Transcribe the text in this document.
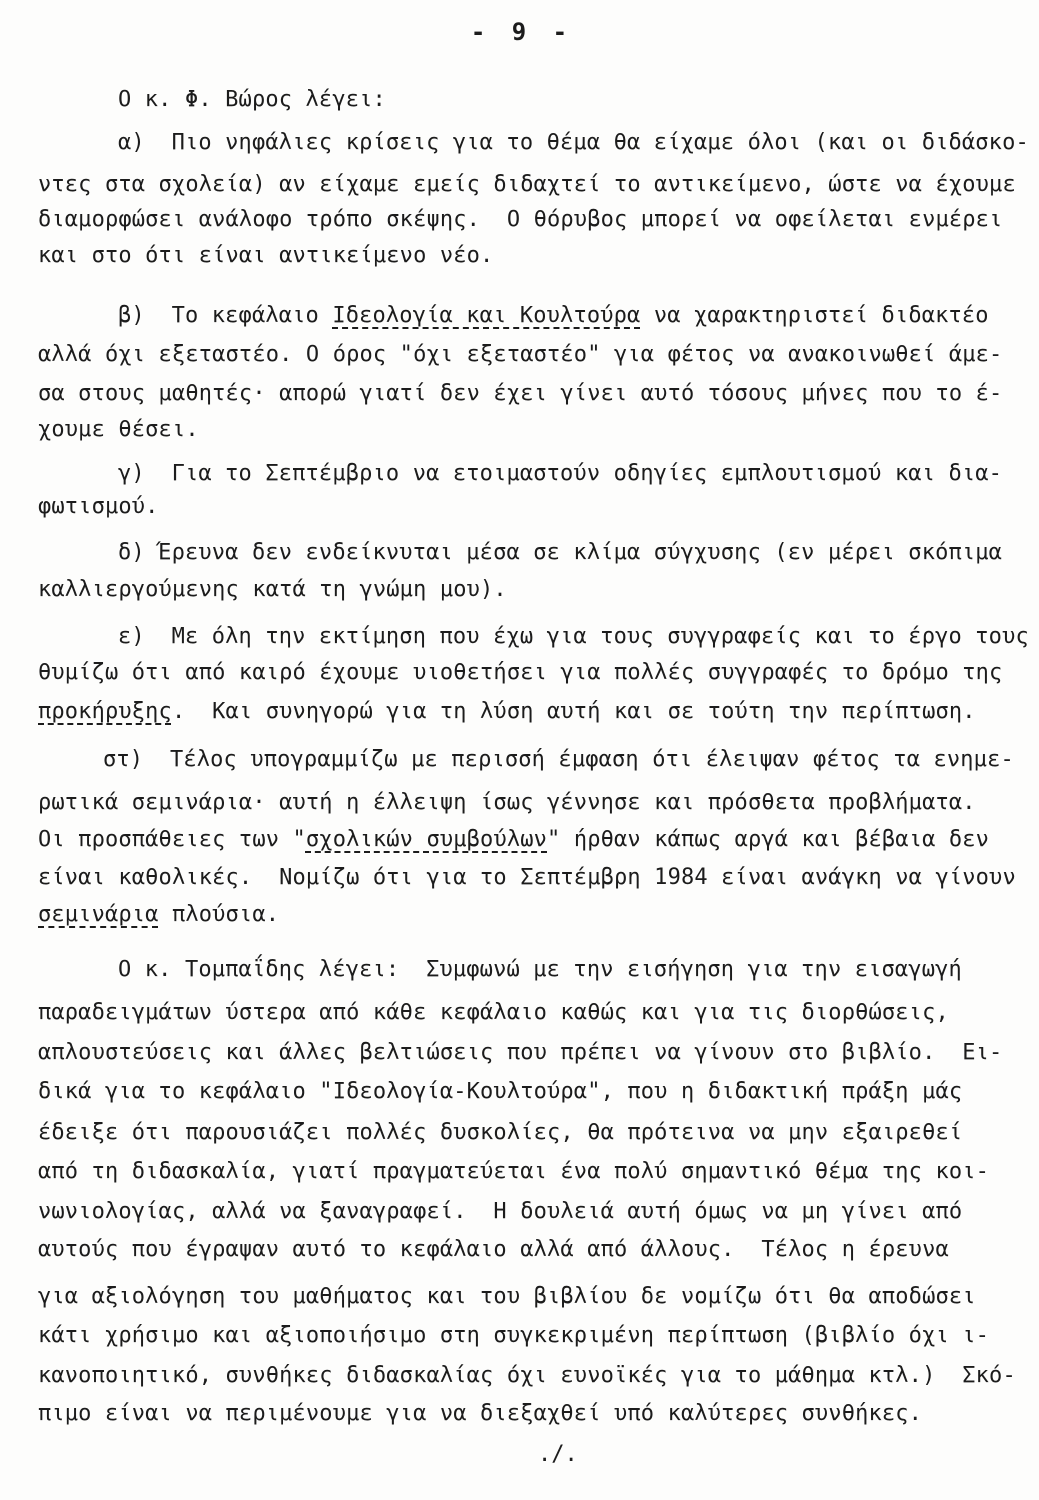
- 9 -
Ο κ. Φ. Βώρος λέγει:
α)  Πιο νηφάλιες κρίσεις για το θέμα θα είχαμε όλοι (και οι διδάσκο-
ντες στα σχολεία) αν είχαμε εμείς διδαχτεί το αντικείμενο, ώστε να έχουμε
διαμορφώσει ανάλοφο τρόπο σκέψης.  Ο θόρυβος μπορεί να οφείλεται ενμέρει
και στο ότι είναι αντικείμενο νέο.
β)  Το κεφάλαιο Ιδεολογία και Κουλτούρα να χαρακτηριστεί διδακτέο
αλλά όχι εξεταστέο. Ο όρος "όχι εξεταστέο" για φέτος να ανακοινωθεί άμε-
σα στους μαθητές· απορώ γιατί δεν έχει γίνει αυτό τόσους μήνες που το έ-
χουμε θέσει.
γ)  Για το Σεπτέμβριο να ετοιμαστούν οδηγίες εμπλουτισμού και δια-
φωτισμού.
δ) Έρευνα δεν ενδείκνυται μέσα σε κλίμα σύγχυσης (εν μέρει σκόπιμα
καλλιεργούμενης κατά τη γνώμη μου).
ε)  Με όλη την εκτίμηση που έχω για τους συγγραφείς και το έργο τους
θυμίζω ότι από καιρό έχουμε υιοθετήσει για πολλές συγγραφές το δρόμο της
προκήρυξης.  Και συνηγορώ για τη λύση αυτή και σε τούτη την περίπτωση.
στ)  Τέλος υπογραμμίζω με περισσή έμφαση ότι έλειψαν φέτος τα ενημε-
ρωτικά σεμινάρια· αυτή η έλλειψη ίσως γέννησε και πρόσθετα προβλήματα.
Οι προσπάθειες των "σχολικών συμβούλων" ήρθαν κάπως αργά και βέβαια δεν
είναι καθολικές.  Νομίζω ότι για το Σεπτέμβρη 1984 είναι ανάγκη να γίνουν
σεμινάρια πλούσια.
Ο κ. Τομπαΐδης λέγει:  Συμφωνώ με την εισήγηση για την εισαγωγή
παραδειγμάτων ύστερα από κάθε κεφάλαιο καθώς και για τις διορθώσεις,
απλουστεύσεις και άλλες βελτιώσεις που πρέπει να γίνουν στο βιβλίο.  Ει-
δικά για το κεφάλαιο "Ιδεολογία-Κουλτούρα", που η διδακτική πράξη μάς
έδειξε ότι παρουσιάζει πολλές δυσκολίες, θα πρότεινα να μην εξαιρεθεί
από τη διδασκαλία, γιατί πραγματεύεται ένα πολύ σημαντικό θέμα της κοι-
νωνιολογίας, αλλά να ξαναγραφεί.  Η δουλειά αυτή όμως να μη γίνει από
αυτούς που έγραψαν αυτό το κεφάλαιο αλλά από άλλους.  Τέλος η έρευνα
για αξιολόγηση του μαθήματος και του βιβλίου δε νομίζω ότι θα αποδώσει
κάτι χρήσιμο και αξιοποιήσιμο στη συγκεκριμένη περίπτωση (βιβλίο όχι ι-
κανοποιητικό, συνθήκες διδασκαλίας όχι ευνοϊκές για το μάθημα κτλ.)  Σκό-
πιμο είναι να περιμένουμε για να διεξαχθεί υπό καλύτερες συνθήκες.
./.
